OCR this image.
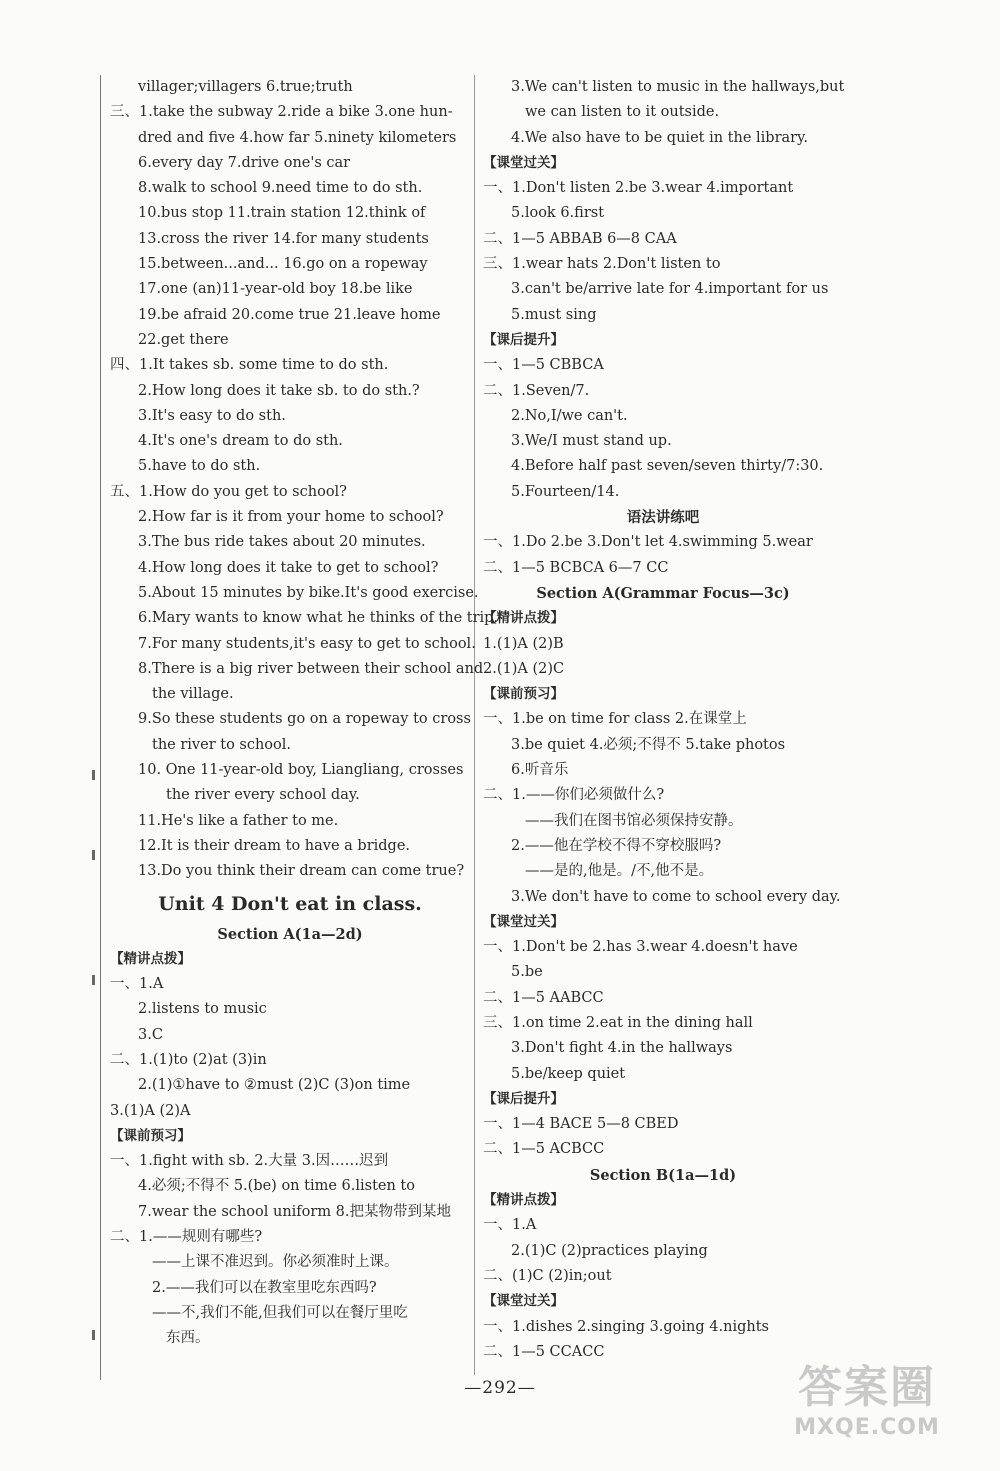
villager;villagers 6.true;truth
三、1.take the subway 2.ride a bike 3.one hun-
dred and five 4.how far 5.ninety kilometers
6.every day 7.drive one's car
8.walk to school 9.need time to do sth.
10.bus stop 11.train station 12.think of
13.cross the river 14.for many students
15.between...and... 16.go on a ropeway
17.one (an)11-year-old boy 18.be like
19.be afraid 20.come true 21.leave home
22.get there
四、1.It takes sb. some time to do sth.
2.How long does it take sb. to do sth.?
3.It's easy to do sth.
4.It's one's dream to do sth.
5.have to do sth.
五、1.How do you get to school?
2.How far is it from your home to school?
3.The bus ride takes about 20 minutes.
4.How long does it take to get to school?
5.About 15 minutes by bike.It's good exercise.
6.Mary wants to know what he thinks of the trip.
7.For many students,it's easy to get to school.
8.There is a big river between their school and
the village.
9.So these students go on a ropeway to cross
the river to school.
10. One 11-year-old boy, Liangliang, crosses
the river every school day.
11.He's like a father to me.
12.It is their dream to have a bridge.
13.Do you think their dream can come true?
Unit 4 Don't eat in class.
Section A(1a—2d)
【精讲点拨】
一、1.A
2.listens to music
3.C
二、1.(1)to (2)at (3)in
2.(1)①have to ②must (2)C (3)on time
3.(1)A (2)A
【课前预习】
一、1.fight with sb. 2.大量 3.因……迟到
4.必须;不得不 5.(be) on time 6.listen to
7.wear the school uniform 8.把某物带到某地
二、1.——规则有哪些?
——上课不准迟到。你必须准时上课。
2.——我们可以在教室里吃东西吗?
——不,我们不能,但我们可以在餐厅里吃
东西。
3.We can't listen to music in the hallways,but
we can listen to it outside.
4.We also have to be quiet in the library.
【课堂过关】
一、1.Don't listen 2.be 3.wear 4.important
5.look 6.first
二、1—5 ABBAB 6—8 CAA
三、1.wear hats 2.Don't listen to
3.can't be/arrive late for 4.important for us
5.must sing
【课后提升】
一、1—5 CBBCA
二、1.Seven/7.
2.No,I/we can't.
3.We/I must stand up.
4.Before half past seven/seven thirty/7:30.
5.Fourteen/14.
语法讲练吧
一、1.Do 2.be 3.Don't let 4.swimming 5.wear
二、1—5 BCBCA 6—7 CC
Section A(Grammar Focus—3c)
【精讲点拨】
1.(1)A (2)B
2.(1)A (2)C
【课前预习】
一、1.be on time for class 2.在课堂上
3.be quiet 4.必须;不得不 5.take photos
6.听音乐
二、1.——你们必须做什么?
——我们在图书馆必须保持安静。
2.——他在学校不得不穿校服吗?
——是的,他是。/不,他不是。
3.We don't have to come to school every day.
【课堂过关】
一、1.Don't be 2.has 3.wear 4.doesn't have
5.be
二、1—5 AABCC
三、1.on time 2.eat in the dining hall
3.Don't fight 4.in the hallways
5.be/keep quiet
【课后提升】
一、1—4 BACE 5—8 CBED
二、1—5 ACBCC
Section B(1a—1d)
【精讲点拨】
一、1.A
2.(1)C (2)practices playing
二、(1)C (2)in;out
【课堂过关】
一、1.dishes 2.singing 3.going 4.nights
二、1—5 CCACC
—292—	答案圈
MXQE.COM
